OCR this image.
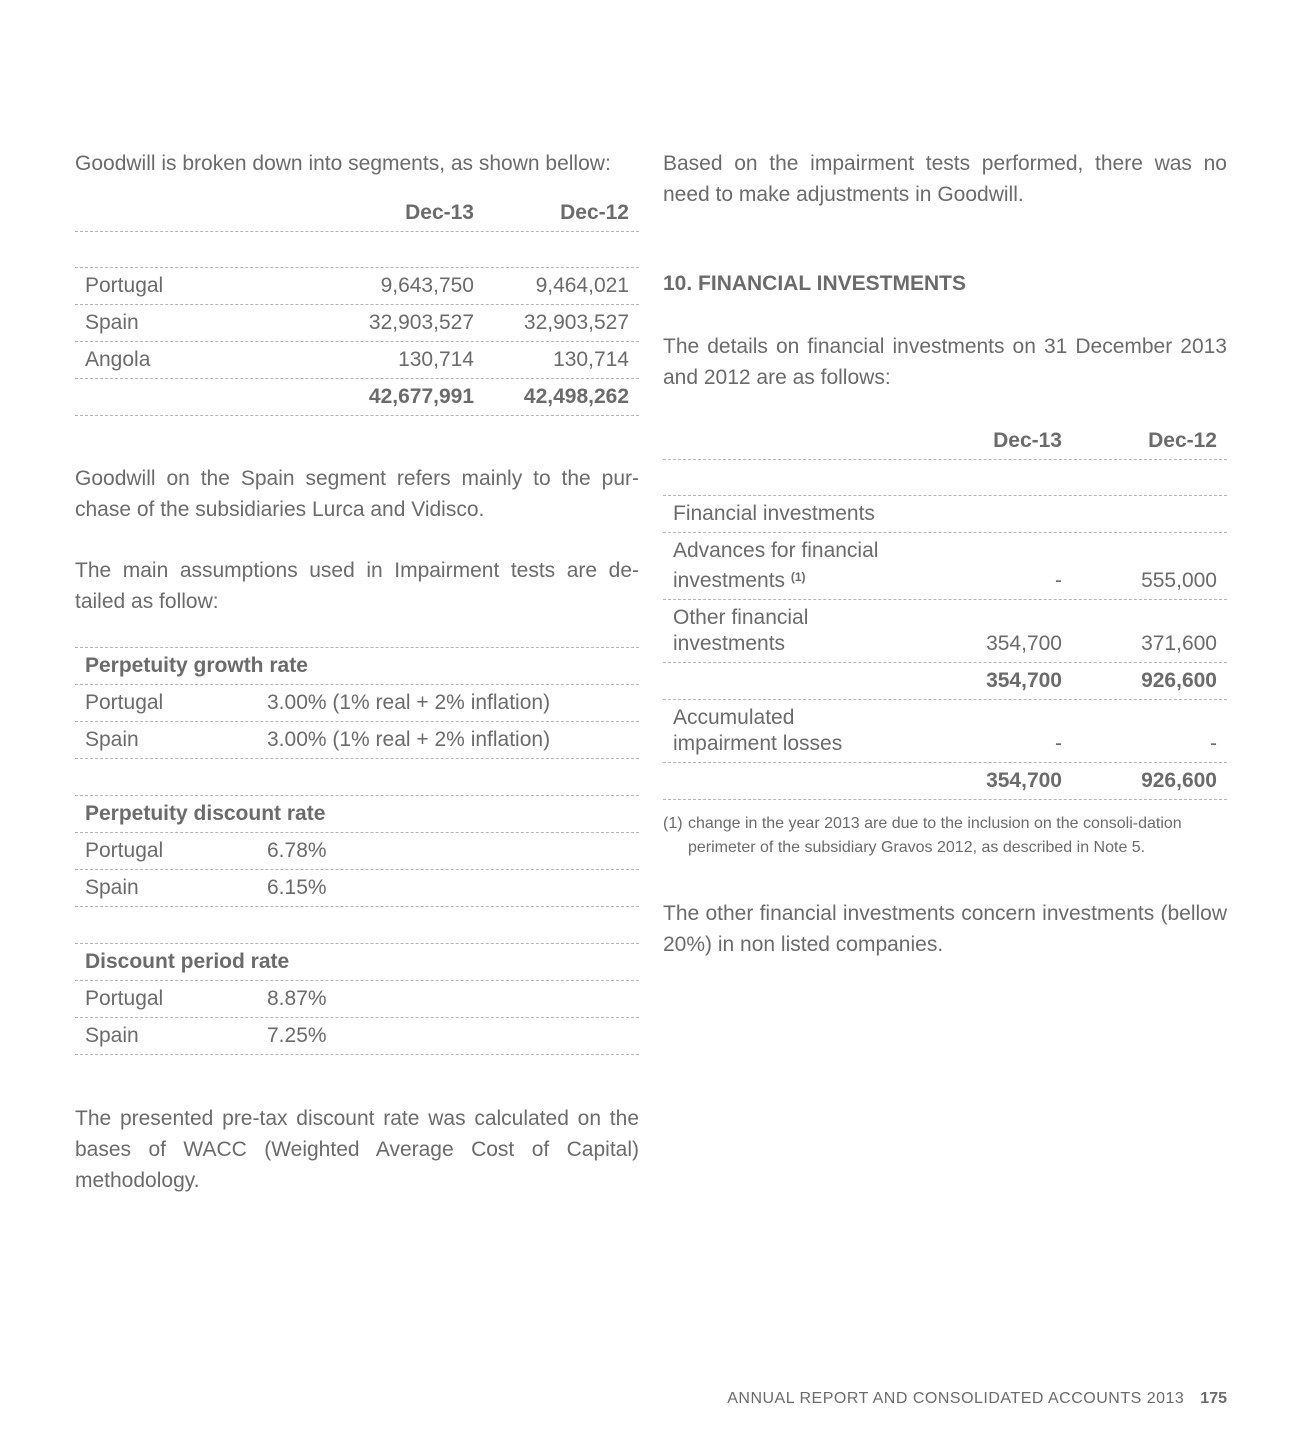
Goodwill is broken down into segments, as shown bellow:

Dec-13	Dec-12
Portugal	9,643,750	9,464,021
Spain	32,903,527	32,903,527
Angola	130,714	130,714

42,677,991	42,498,262

Goodwill on the Spain segment refers mainly to the pur-chase of the subsidiaries Lurca and Vidisco.

The main assumptions used in Impairment tests are de-tailed as follow:

Perpetuity growth rate
Portugal	3.00% (1% real + 2% inflation)
Spain	3.00% (1% real + 2% inflation)
Perpetuity discount rate
Portugal	6.78%
Spain	6.15%
Discount period rate
Portugal	8.87%
Spain	7.25%

The presented pre-tax discount rate was calculated on the bases of WACC (Weighted Average Cost of Capital) methodology.

Based on the impairment tests performed, there was no need to make adjustments in Goodwill.

10. FINANCIAL INVESTMENTS

The details on financial investments on 31 December 2013 and 2012 are as follows:

Dec-13	Dec-12
Financial investments
Advances for financial
investments $^{(1)}$	-	555,000
Other financial
investments	354,700	371,600

354,700	926,600
Accumulated
impairment losses	-	-

354,700	926,600
(1) change in the year 2013 are due to the inclusion on the consoli-dation perimeter of the subsidiary Gravos 2012, as described in Note 5.

The other financial investments concern investments (bellow 20%) in non listed companies.

ANNUAL REPORT AND CONSOLIDATED ACCOUNTS 2013 175
